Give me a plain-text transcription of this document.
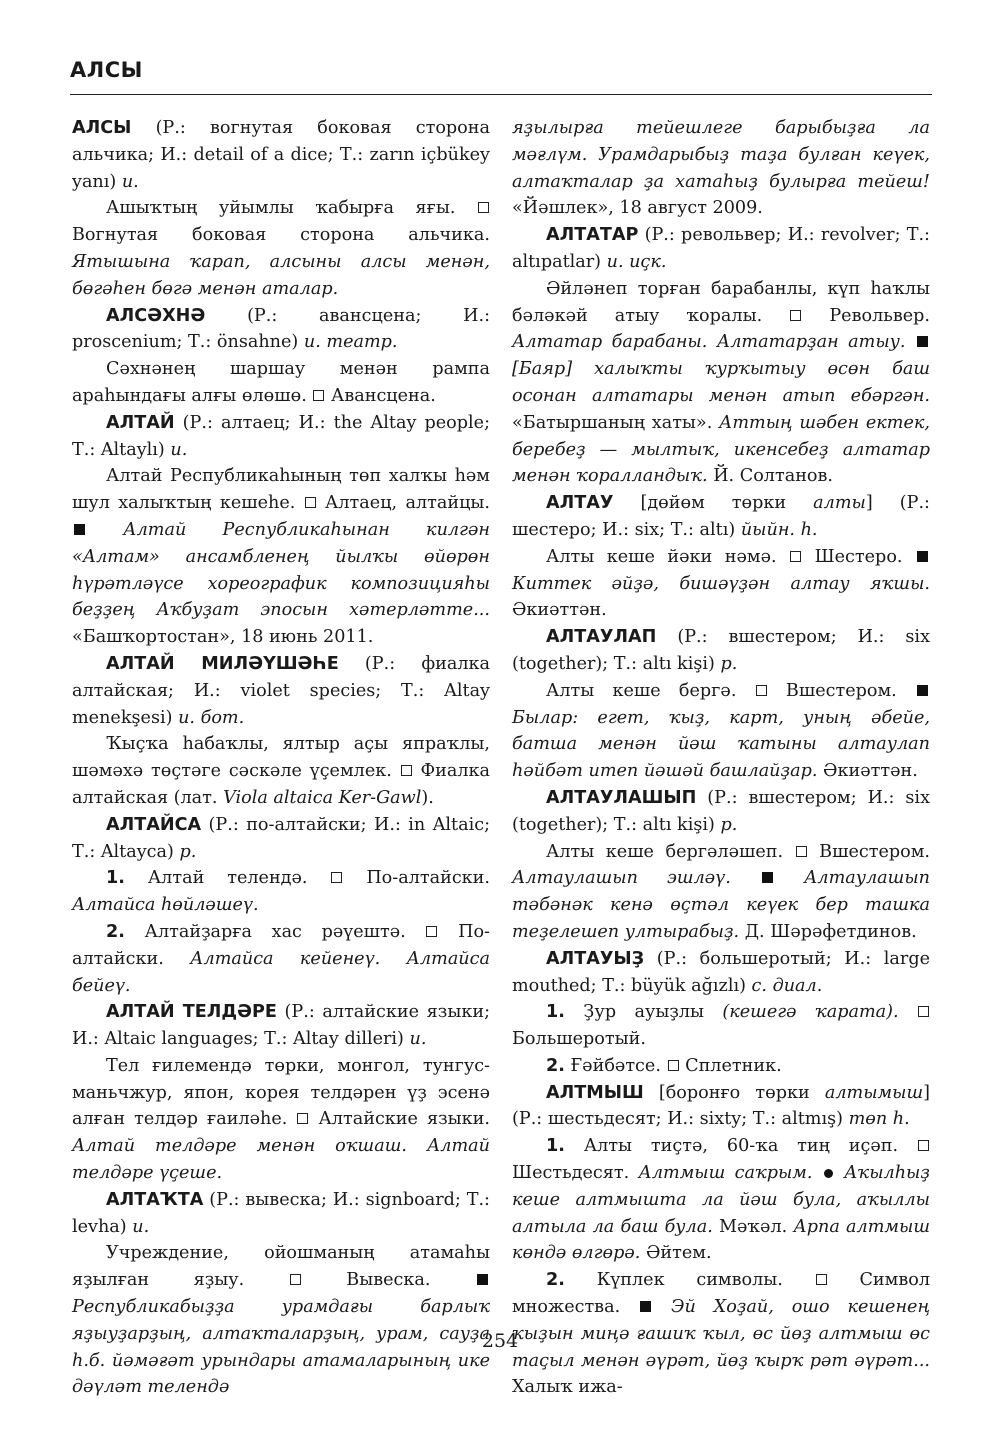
АЛСЫ

АЛСЫ (Р.: вогнутая боковая сторона альчика; И.: detail of a dice; Т.: zarın içbükey yanı) и.

Ашыҡтың уйымлы ҡабырға яғы.  Вогнутая боковая сторона альчика. Ятышына ҡарап, алсыны алсы менән, бөгәһен бөгә менән аталар.

АЛСӘХНӘ (Р.: авансцена; И.: proscenium; Т.: önsahne) и. театр.

Сәхнәнең шаршау менән рампа араһындағы алғы өлөшө.  Авансцена.

АЛТАЙ (Р.: алтаец; И.: the Altay people; Т.: Altaylı) и.

Алтай Республикаһының төп халҡы һәм шул халыҡтың кешеһе.  Алтаец, алтайцы.  Алтай Республикаһынан килгән «Алтам» ансамбленең йылҡы өйөрөн һүрәтләүсе хореографик композицияһы беҙҙең Аҡбуҙат эпосын хәтерләтте... «Башҡортостан», 18 июнь 2011.

АЛТАЙ МИЛӘҮШӘҺЕ (Р.: фиалка алтайская; И.: violet species; Т.: Altay menekşesi) и. бот.

Ҡыҫҡа һабаҡлы, ялтыр аҫы япраҡлы, шәмәхә төҫтәге сәскәле үҫемлек.  Фиалка алтайская (лат. Viola altaica Ker-Gawl).

АЛТАЙСА (Р.: по-алтайски; И.: in Altaic; Т.: Altayca) р.

1. Алтай телендә.  По-алтайски. Алтайса һөйләшеү.

2. Алтайҙарға хас рәүештә.  По-алтайски. Алтайса кейенеү. Алтайса бейеү.

АЛТАЙ ТЕЛДӘРЕ (Р.: алтайские языки; И.: Altaic languages; Т.: Altay dilleri) и.

Тел ғилемендә төрки, монгол, тунгус-маньчжур, япон, корея телдәрен үҙ эсенә алған телдәр ғаиләһе.  Алтайские языки. Алтай телдәре менән оҡшаш. Алтай телдәре үҫеше.

АЛТАҠТА (Р.: вывеска; И.: signboard; Т.: levha) и.

Учреждение, ойошманың атамаһы яҙылған яҙыу.  Вывеска.  Республикабыҙҙа урамдағы барлыҡ яҙыуҙарҙың, алтаҡталарҙың, урам, сауҙа һ.б. йәмәғәт урындары атамаларының ике дәүләт телендә

яҙылырға тейешлеге барыбыҙға ла мәғлүм. Урамдарыбыҙ таҙа булған кеүек, алтаҡталар ҙа хатаһыҙ булырға тейеш! «Йәшлек», 18 август 2009.

АЛТАТАР (Р.: револьвер; И.: revolver; Т.: altıpatlar) и. иҫк.

Әйләнеп торған барабанлы, күп һаҡлы бәләкәй атыу ҡоралы.  Револьвер. Алтатар барабаны. Алтатарҙан атыу.  [Баяр] халыҡты ҡурҡытыу өсөн баш осонан алтатары менән атып ебәргән. «Батыршаның хаты». Аттың шәбен ектек, беребеҙ — мылтыҡ, икенсебеҙ алтатар менән ҡоралландыҡ. Й. Солтанов.

АЛТАУ [дөйөм төрки алты] (Р.: шестеро; И.: six; Т.: altı) йыйн. һ.

Алты кеше йәки нәмә.  Шестеро.  Киттек әйҙә, бишәүҙән алтау яҡшы. Әкиәттән.

АЛТАУЛАП (Р.: вшестером; И.: six (together); Т.: altı kişi) р.

Алты кеше бергә.  Вшестером.  Былар: егет, ҡыҙ, карт, уның әбейе, батша менән йәш ҡатыны алтаулап һәйбәт итеп йәшәй башлайҙар. Әкиәттән.

АЛТАУЛАШЫП (Р.: вшестером; И.: six (together); Т.: altı kişi) р.

Алты кеше бергәләшеп.  Вшестером. Алтаулашып эшләү.	Алтаулашып тәбәнәк кенә өҫтәл кеүек бер ташка теҙелешеп ултырабыҙ. Д. Шәрәфетдинов.

АЛТАУЫҘ (Р.: большеротый; И.: large mouthed; Т.: büyük ağızlı) с. диал.

1. Ҙур ауыҙлы (кешегә ҡарата).  Большеротый.

2. Ғәйбәтсе.  Сплетник.

АЛТМЫШ [боронғо төрки алтымыш] (Р.: шестьдесят; И.: sixty; Т.: altmış) төп һ.

1. Алты тиҫтә, 60-ҡа тиң иҫәп.  Шестьдесят. Алтмыш саҡрым.  Аҡылһыҙ кеше алтмышта ла йәш була, аҡыллы алтыла ла баш була. Мәҡәл. Арпа алтмыш көндә өлгөрә. Әйтем.

2. Күплек символы.  Символ множества.  Эй Хоҙай, ошо кешенең ҡыҙын миңә ғашиҡ ҡыл, өс йөҙ алтмыш өс таҫыл менән әүрәт, йөҙ ҡырҡ рәт әүрәт... Халыҡ ижа-

254
